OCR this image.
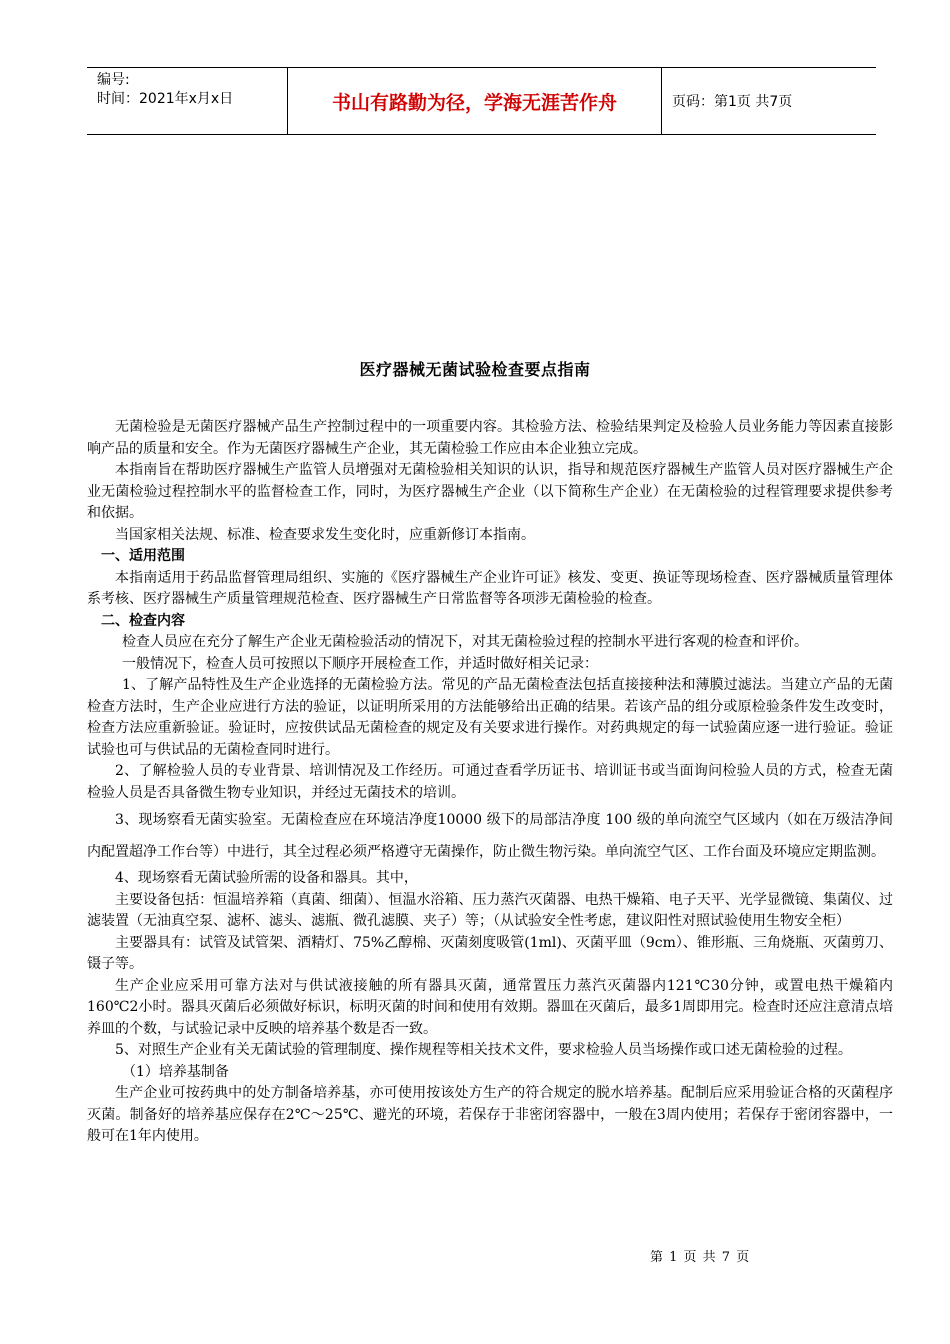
编号:
时间：2021年x月x日	书山有路勤为径，学海无涯苦作舟	页码：第1页 共7页
医疗器械无菌试验检查要点指南

无菌检验是无菌医疗器械产品生产控制过程中的一项重要内容。其检验方法、检验结果判定及检验人员业务能力等因素直接影响产品的质量和安全。作为无菌医疗器械生产企业，其无菌检验工作应由本企业独立完成。

本指南旨在帮助医疗器械生产监管人员增强对无菌检验相关知识的认识，指导和规范医疗器械生产监管人员对医疗器械生产企业无菌检验过程控制水平的监督检查工作，同时，为医疗器械生产企业（以下简称生产企业）在无菌检验的过程管理要求提供参考和依据。

当国家相关法规、标准、检查要求发生变化时，应重新修订本指南。

一、适用范围

本指南适用于药品监督管理局组织、实施的《医疗器械生产企业许可证》核发、变更、换证等现场检查、医疗器械质量管理体系考核、医疗器械生产质量管理规范检查、医疗器械生产日常监督等各项涉无菌检验的检查。

二、检查内容

检查人员应在充分了解生产企业无菌检验活动的情况下，对其无菌检验过程的控制水平进行客观的检查和评价。

一般情况下，检查人员可按照以下顺序开展检查工作，并适时做好相关记录：

1、了解产品特性及生产企业选择的无菌检验方法。常见的产品无菌检查法包括直接接种法和薄膜过滤法。当建立产品的无菌检查方法时，生产企业应进行方法的验证，以证明所采用的方法能够给出正确的结果。若该产品的组分或原检验条件发生改变时，检查方法应重新验证。验证时，应按供试品无菌检查的规定及有关要求进行操作。对药典规定的每一试验菌应逐一进行验证。验证试验也可与供试品的无菌检查同时进行。

2、了解检验人员的专业背景、培训情况及工作经历。可通过查看学历证书、培训证书或当面询问检验人员的方式，检查无菌检验人员是否具备微生物专业知识，并经过无菌技术的培训。

3、现场察看无菌实验室。无菌检查应在环境洁净度10000 级下的局部洁净度 100 级的单向流空气区域内（如在万级洁净间内配置超净工作台等）中进行，其全过程必须严格遵守无菌操作，防止微生物污染。单向流空气区、工作台面及环境应定期监测。

4、现场察看无菌试验所需的设备和器具。其中，

主要设备包括：恒温培养箱（真菌、细菌）、恒温水浴箱、压力蒸汽灭菌器、电热干燥箱、电子天平、光学显微镜、集菌仪、过滤装置（无油真空泵、滤杯、滤头、滤瓶、微孔滤膜、夹子）等；（从试验安全性考虑，建议阳性对照试验使用生物安全柜）

主要器具有：试管及试管架、酒精灯、75%乙醇棉、灭菌刻度吸管(1ml)、灭菌平皿（9cm）、锥形瓶、三角烧瓶、灭菌剪刀、镊子等。

生产企业应采用可靠方法对与供试液接触的所有器具灭菌，通常置压力蒸汽灭菌器内121℃30分钟，或置电热干燥箱内160℃2小时。器具灭菌后必须做好标识，标明灭菌的时间和使用有效期。器皿在灭菌后，最多1周即用完。检查时还应注意清点培养皿的个数，与试验记录中反映的培养基个数是否一致。

5、对照生产企业有关无菌试验的管理制度、操作规程等相关技术文件，要求检验人员当场操作或口述无菌检验的过程。

（1）培养基制备

生产企业可按药典中的处方制备培养基，亦可使用按该处方生产的符合规定的脱水培养基。配制后应采用验证合格的灭菌程序灭菌。制备好的培养基应保存在2℃～25℃、避光的环境，若保存于非密闭容器中，一般在3周内使用；若保存于密闭容器中，一般可在1年内使用。

第 1 页 共 7 页
